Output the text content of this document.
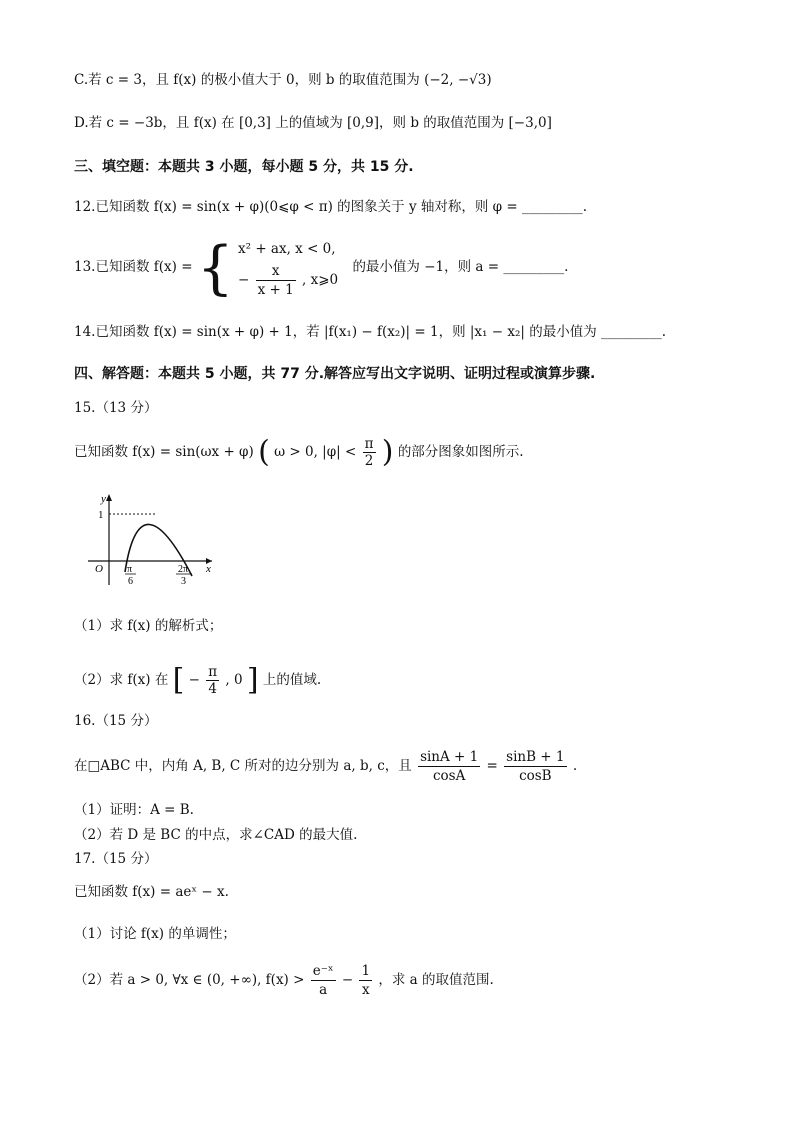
C.若 c = 3，且 f(x) 的极小值大于 0，则 b 的取值范围为 (−2, −√3)
D.若 c = −3b，且 f(x) 在 [0,3] 上的值域为 [0,9]，则 b 的取值范围为 [−3,0]
三、填空题：本题共 3 小题，每小题 5 分，共 15 分.
12.已知函数 f(x) = sin(x + φ)(0⩽φ < π) 的图象关于 y 轴对称，则 φ = _________.
13.已知函数 f(x) = { x² + ax, x < 0,
− $\frac{x}{x + 1}$ , x⩾0
的最小值为 −1，则 a = _________.
14.已知函数 f(x) = sin(x + φ) + 1，若 |f(x₁) − f(x₂)| = 1，则 |x₁ − x₂| 的最小值为 _________.
四、解答题：本题共 5 小题，共 77 分.解答应写出文字说明、证明过程或演算步骤.
15.（13 分）
已知函数 f(x) = sin(ωx + φ) ( ω > 0, $|\varphi| < \frac{\pi}{2}$ ) 的部分图象如图所示.
y
x
O
1
π
6
2π
3
（1）求 f(x) 的解析式；
（2）求 f(x) 在 [ − $\frac{\pi}{4}$ , 0 ] 上的值域.
16.（15 分）
在□ABC 中，内角 A, B, C 所对的边分别为 a, b, c，且 $\frac{\sin A + 1}{\cos A} = \frac{\sin B + 1}{\cos B}$ .
（1）证明：A = B.
（2）若 D 是 BC 的中点，求∠CAD 的最大值.
17.（15 分）
已知函数 f(x) = aeˣ − x.
（1）讨论 f(x) 的单调性；
（2）若 a > 0, ∀x ∈ (0, +∞), $f(x) > \frac{\text{e⁻ˣ}}{a} - \frac{1}{x}$ ，求 a 的取值范围.
